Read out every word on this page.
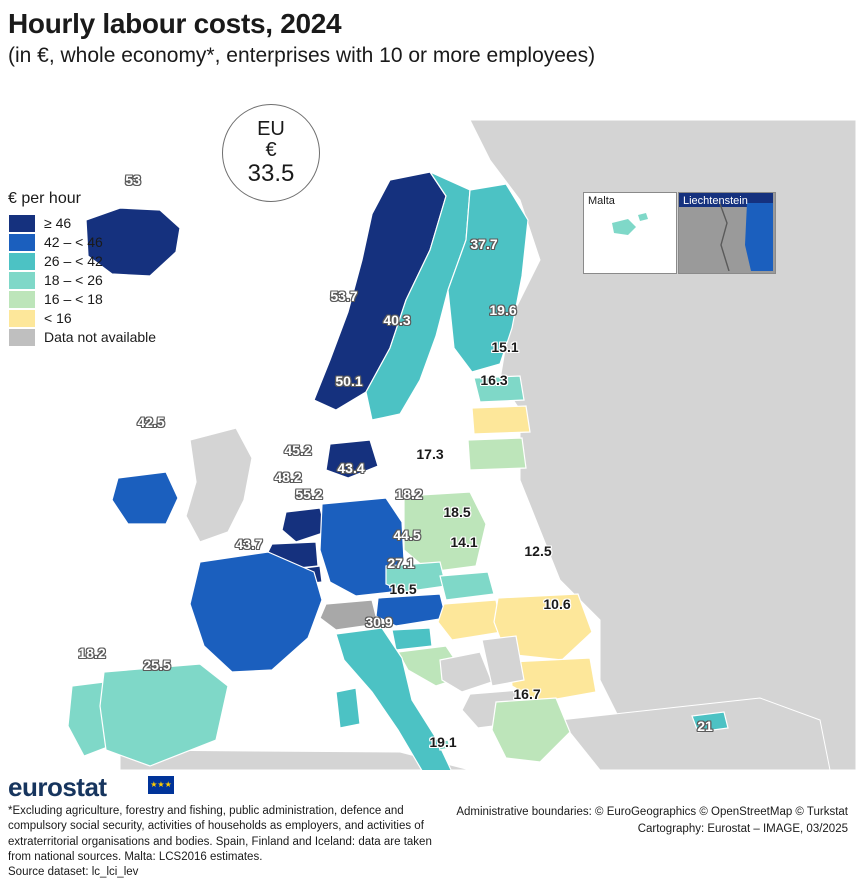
Hourly labour costs, 2024
(in €, whole economy*, enterprises with 10 or more employees)
EU
€
33.5
€ per hour
≥ 46
42 – < 46
26 – < 42
18 – < 26
16 – < 18
< 16
Data not available
Malta	Liechtenstein
53
53.7
40.3
37.7
19.6
15.1
16.3
42.5
50.1
45.2
48.2
55.2
43.4
17.3
18.2
18.5
44.5 14.1
12.5
27.1
16.5
10.6
43.7
30.9
18.2
25.5
16.7
21
19.1
eurostat	★★★
*Excluding agriculture, forestry and fishing, public administration, defence and compulsory social security, activities of households as employers, and activities of extraterritorial organisations and bodies. Spain, Finland and Iceland: data are taken from national sources. Malta: LCS2016 estimates.
Source dataset: lc_lci_lev
Administrative boundaries: © EuroGeographics © OpenStreetMap © Turkstat
Cartography: Eurostat – IMAGE, 03/2025
